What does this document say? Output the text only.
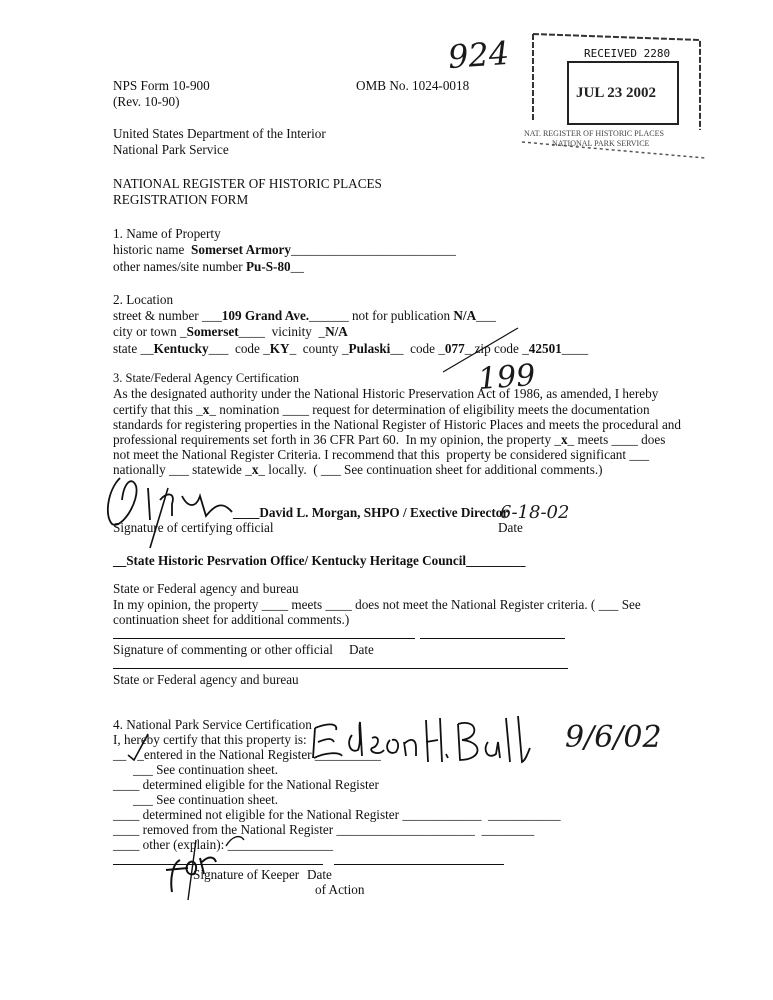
RECEIVED 2280
JUL 23 2002
NAT. REGISTER OF HISTORIC PLACES
NATIONAL PARK SERVICE
924
199
6-18-02
9/6/02
NPS Form 10-900
(Rev. 10-90)
OMB No. 1024-0018
United States Department of the Interior
National Park Service
NATIONAL REGISTER OF HISTORIC PLACES
REGISTRATION FORM
1. Name of Property
historic name Somerset Armory_________________________
other names/site number Pu-S-80__
2. Location
street & number ___109 Grand Ave.______ not for publication N/A___
city or town _Somerset____  vicinity  _N/A
state __Kentucky___  code _KY_  county _Pulaski__  code _077_ zip code _42501____
3. State/Federal Agency Certification
As the designated authority under the National Historic Preservation Act of 1986, as amended, I hereby
certify that this _x_ nomination ____ request for determination of eligibility meets the documentation
standards for registering properties in the National Register of Historic Places and meets the procedural and
professional requirements set forth in 36 CFR Part 60.  In my opinion, the property _x_ meets ____ does
not meet the National Register Criteria. I recommend that this  property be considered significant ___
nationally ___ statewide _x_ locally.  ( ___ See continuation sheet for additional comments.)
____David L. Morgan, SHPO / Exective Director
Signature of certifying official	Date
__State Historic Pesrvation Office/ Kentucky Heritage Council_________
State or Federal agency and bureau
In my opinion, the property ____ meets ____ does not meet the National Register criteria. ( ___ See
continuation sheet for additional comments.)
Signature of commenting or other official Date
State or Federal agency and bureau
4. National Park Service Certification
I, hereby certify that this property is:
__ _entered in the National Register __________
___ See continuation sheet.
____ determined eligible for the National Register
___ See continuation sheet.
____ determined not eligible for the National Register ____________  ___________
____ removed from the National Register _____________________  ________
____ other (explain): ________________
Signature of Keeper Date
of Action
